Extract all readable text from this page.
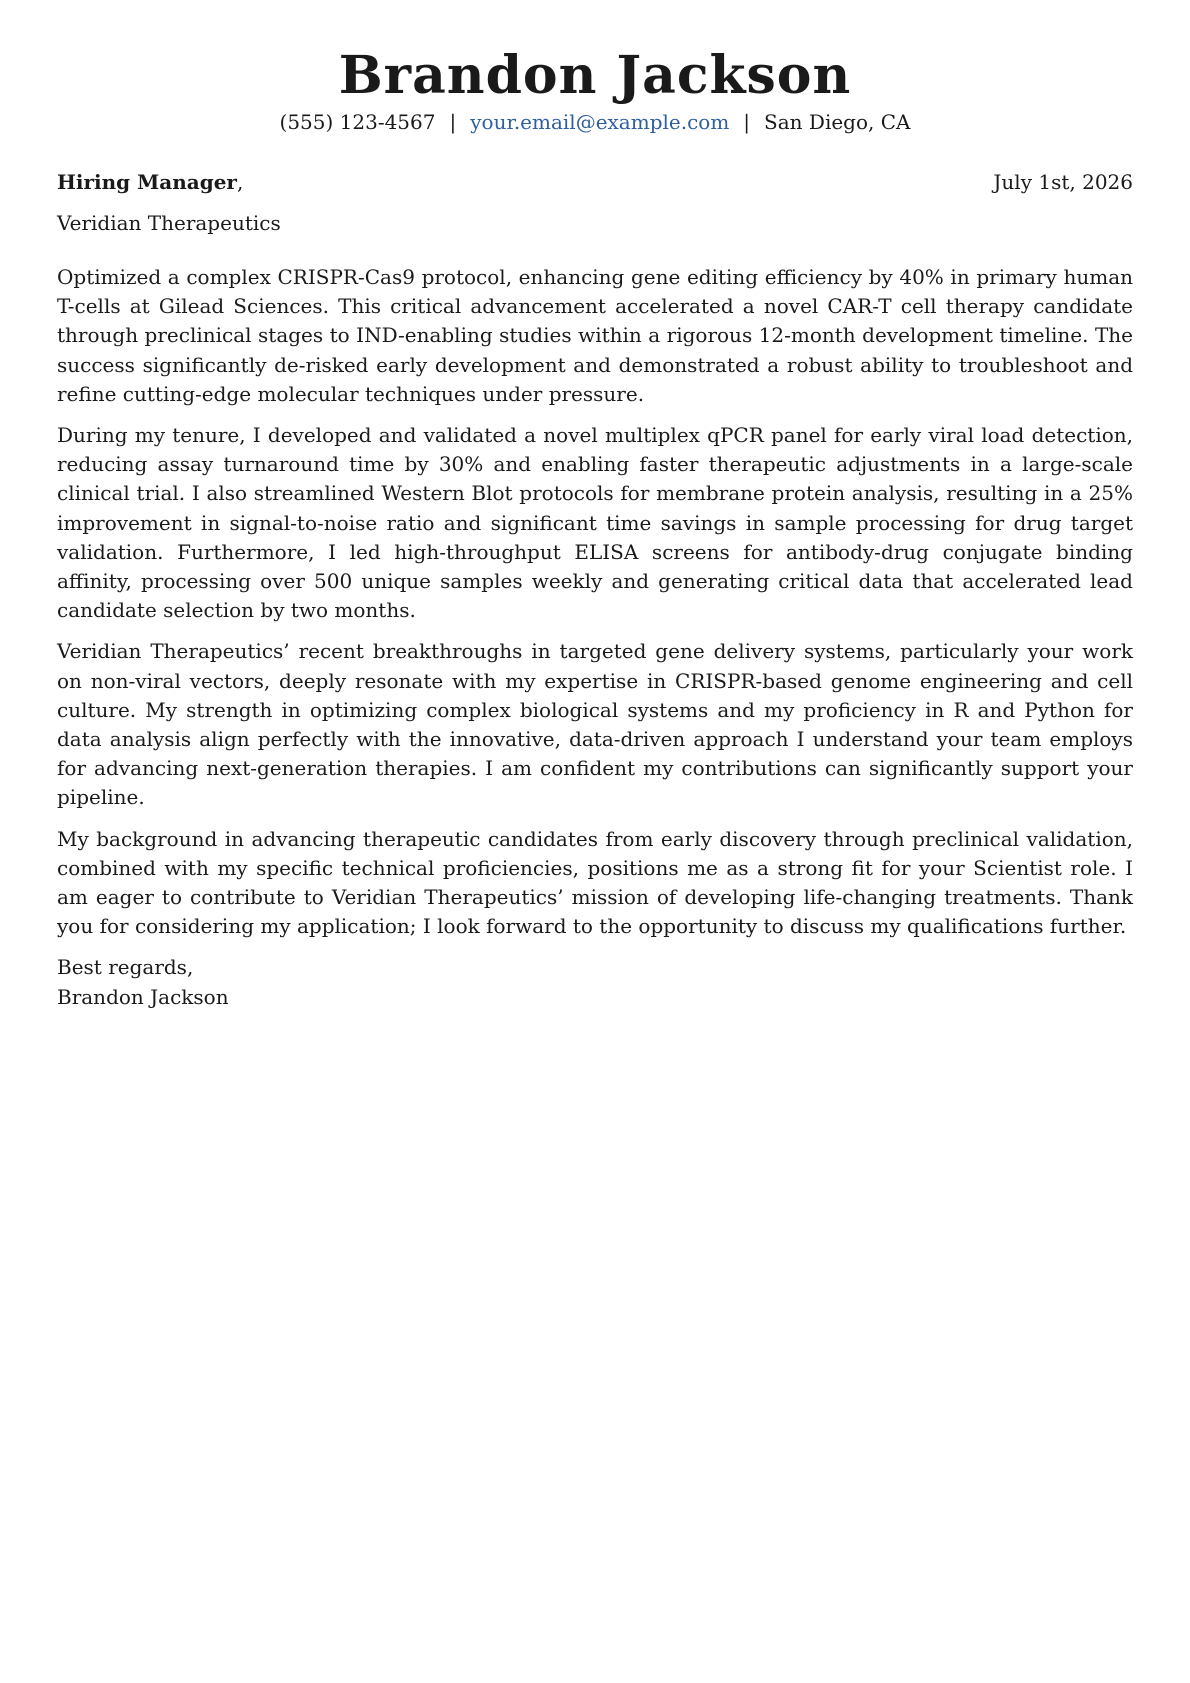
Brandon Jackson
(555) 123-4567 | your.email@example.com | San Diego, CA
Hiring Manager,	July 1st, 2026
Veridian Therapeutics

Optimized a complex CRISPR-Cas9 protocol, enhancing gene editing efficiency by 40% in primary human T-cells at Gilead Sciences. This critical advancement accelerated a novel CAR-T cell therapy candidate through preclinical stages to IND-enabling studies within a rigorous 12-month development timeline. The success significantly de-risked early development and demonstrated a robust ability to troubleshoot and refine cutting-edge molecular techniques under pressure.

During my tenure, I developed and validated a novel multiplex qPCR panel for early viral load detection, reducing assay turnaround time by 30% and enabling faster therapeutic adjustments in a large-scale clinical trial. I also streamlined Western Blot protocols for membrane protein analysis, resulting in a 25% improvement in signal-to-noise ratio and significant time savings in sample processing for drug target validation. Furthermore, I led high-throughput ELISA screens for antibody-drug conjugate binding affinity, processing over 500 unique samples weekly and generating critical data that accelerated lead candidate selection by two months.

Veridian Therapeutics’ recent breakthroughs in targeted gene delivery systems, particularly your work on non-viral vectors, deeply resonate with my expertise in CRISPR-based genome engineering and cell culture. My strength in optimizing complex biological systems and my proficiency in R and Python for data analysis align perfectly with the innovative, data-driven approach I understand your team employs for advancing next-generation therapies. I am confident my contributions can significantly support your pipeline.

My background in advancing therapeutic candidates from early discovery through preclinical validation, combined with my specific technical proficiencies, positions me as a strong fit for your Scientist role. I am eager to contribute to Veridian Therapeutics’ mission of developing life-changing treatments. Thank you for considering my application; I look forward to the opportunity to discuss my qualifications further.

Best regards,
Brandon Jackson
